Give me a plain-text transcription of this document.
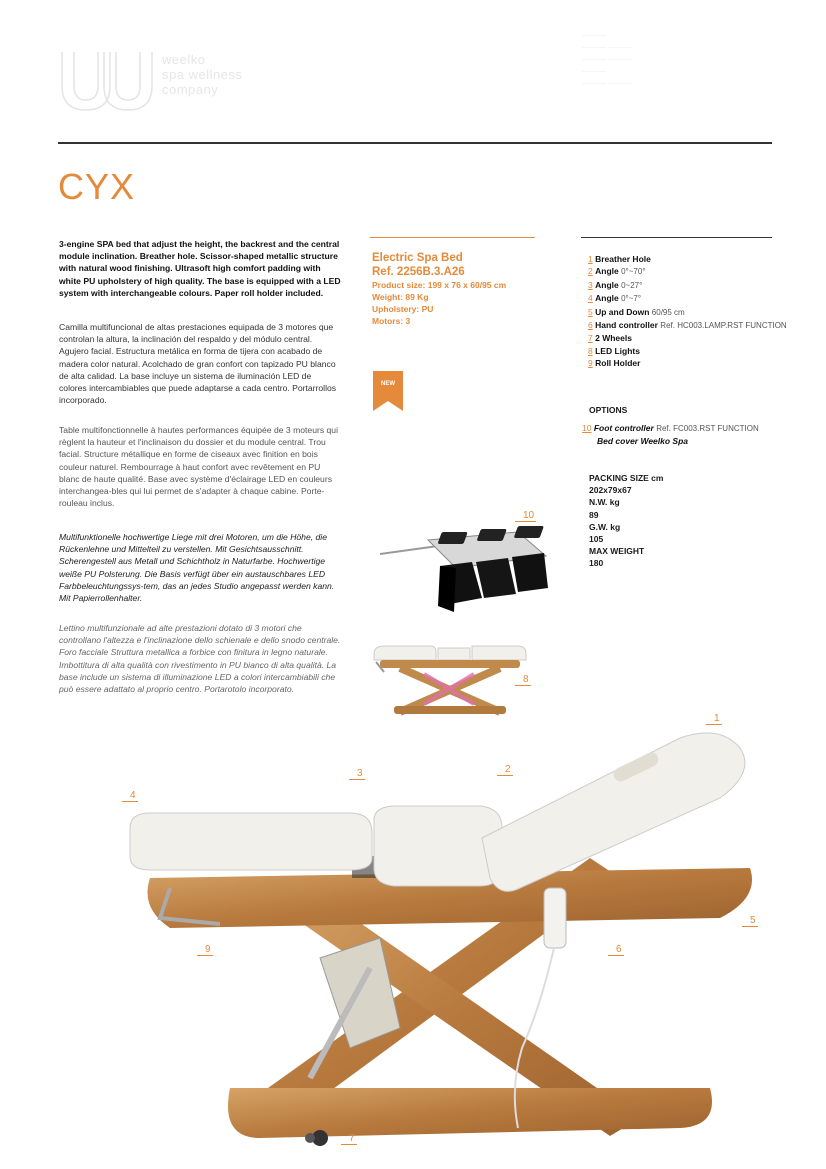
weelko
spa wellness
company
———
——— ———
——— ———
———
——— ———
CYX
3-engine SPA bed that adjust the height, the backrest and the central module inclination. Breather hole. Scissor-shaped metallic structure with natural wood finishing. Ultrasoft high comfort padding with white PU upholstery of high quality. The base is equipped with a LED system with interchangeable colours. Paper roll holder included.
Camilla multifuncional de altas prestaciones equipada de 3 motores que controlan la altura, la inclinación del respaldo y del módulo central. Agujero facial. Estructura metálica en forma de tijera con acabado de madera color natural. Acolchado de gran confort con tapizado PU blanco de alta calidad. La base incluye un sistema de iluminación LED de colores intercambiables que puede adaptarse a cada centro. Portarrollos incorporado.
Table multifonctionnelle à hautes performances équipée de 3 moteurs qui règlent la hauteur et l'inclinaison du dossier et du module central. Trou facial. Structure métallique en forme de ciseaux avec finition en bois couleur naturel. Rembourrage à haut confort avec revêtement en PU blanc de haute qualité. Base avec système d'éclairage LED en couleurs interchangea-bles qui lui permet de s'adapter à chaque cabine. Porte-rouleau inclus.
Multifunktionelle hochwertige Liege mit drei Motoren, um die Höhe, die Rückenlehne und Mittelteil zu verstellen. Mit Gesichtsausschnitt. Scherengestell aus Metall und Schichtholz in Naturfarbe. Hochwertige weiße PU Polsterung. Die Basis verfügt über ein austauschbares LED Farbbeleuchtungssys-tem, das an jedes Studio angepasst werden kann. Mit Papierrollenhalter.
Lettino multifunzionale ad alte prestazioni dotato di 3 motori che controllano l'altezza e l'inclinazione dello schienale e dello snodo centrale. Foro facciale Struttura metallica a forbice con finitura in legno naturale. Imbottitura di alta qualità con rivestimento in PU bianco di alta qualità. La base include un sistema di illuminazione LED a colori intercambiabili che può essere adattato al proprio centro. Portarotolo incorporato.
Electric Spa Bed
Ref. 2256B.3.A26
Product size: 199 x 76 x 60/95 cm
Weight: 89 Kg
Upholstery: PU
Motors: 3
NEW
1 Breather Hole
2 Angle 0°~70°
3 Angle 0~27°
4 Angle 0°~7°
5 Up and Down 60/95 cm
6 Hand controller Ref. HC003.LAMP.RST FUNCTION
7 2 Wheels
8 LED Lights
9 Roll Holder
OPTIONS
10 Foot controller Ref. FC003.RST FUNCTION
Bed cover Weelko Spa
PACKING SIZE cm
202x79x67
N.W. kg
89
G.W. kg
105
MAX WEIGHT
180
1
2
3
4
5
6
7
8
9
10
